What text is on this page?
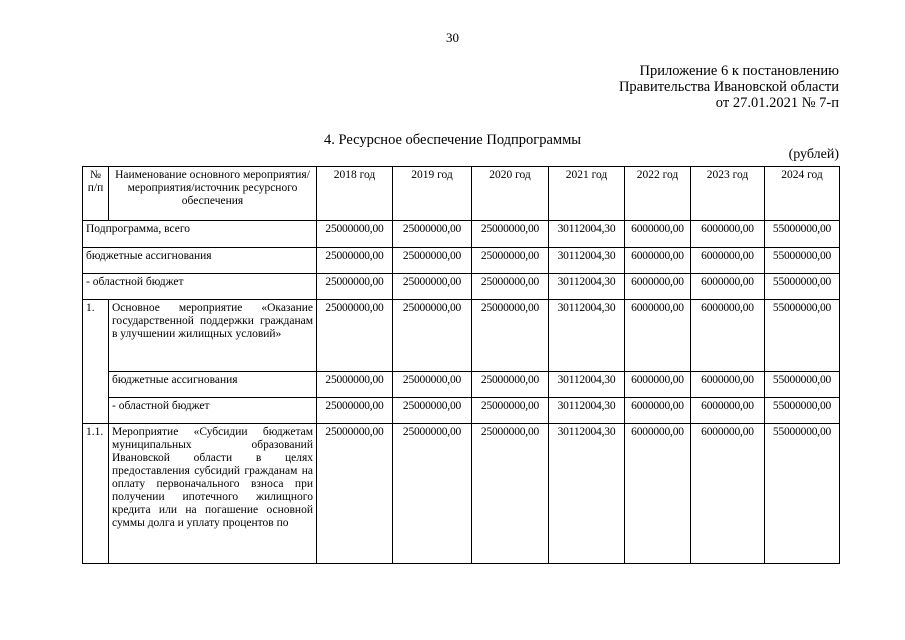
30
Приложение 6 к постановлению
Правительства Ивановской области
от 27.01.2021 № 7-п
4. Ресурсное обеспечение Подпрограммы
(рублей)
№ п/п	Наименование основного мероприятия/мероприятия/источник ресурсного обеспечения	2018 год	2019 год	2020 год	2021 год	2022 год	2023 год	2024 год
Подпрограмма, всего		25000000,00	25000000,00	25000000,00	30112004,30	6000000,00	6000000,00	55000000,00
бюджетные ассигнования		25000000,00	25000000,00	25000000,00	30112004,30	6000000,00	6000000,00	55000000,00
- областной бюджет		25000000,00	25000000,00	25000000,00	30112004,30	6000000,00	6000000,00	55000000,00
1.	Основное мероприятие «Оказание государственной поддержки гражданам в улучшении жилищных условий»	25000000,00	25000000,00	25000000,00	30112004,30	6000000,00	6000000,00	55000000,00
	бюджетные ассигнования	25000000,00	25000000,00	25000000,00	30112004,30	6000000,00	6000000,00	55000000,00
	- областной бюджет	25000000,00	25000000,00	25000000,00	30112004,30	6000000,00	6000000,00	55000000,00
1.1.	Мероприятие «Субсидии бюджетам муниципальных образований Ивановской области в целях предоставления субсидий гражданам на оплату первоначального взноса при получении ипотечного жилищного кредита или на погашение основной суммы долга и уплату процентов по	25000000,00	25000000,00	25000000,00	30112004,30	6000000,00	6000000,00	55000000,00
